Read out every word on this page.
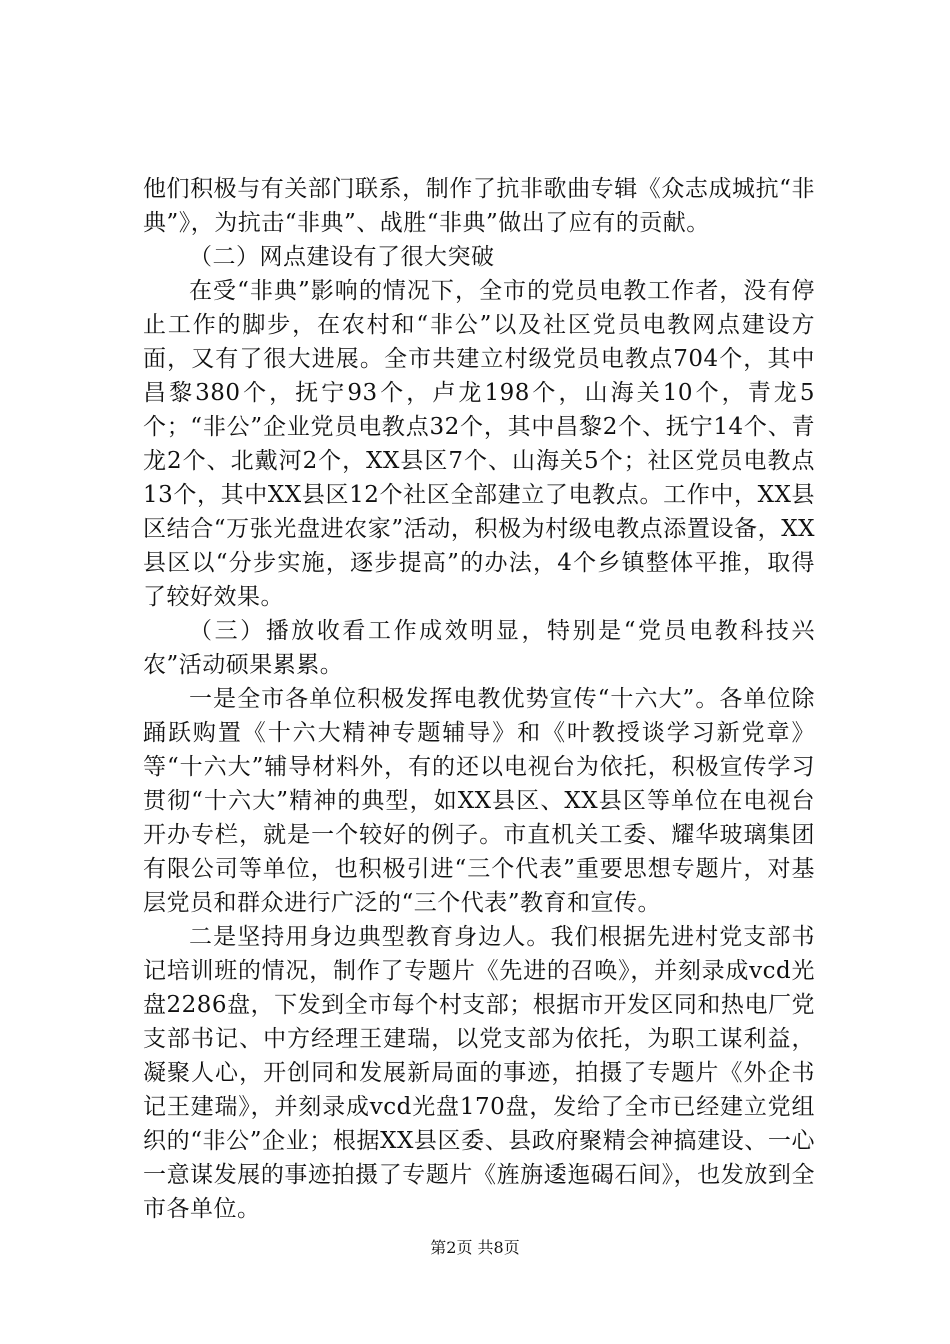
他们积极与有关部门联系，制作了抗非歌曲专辑《众志成城抗“非典”》，为抗击“非典”、战胜“非典”做出了应有的贡献。

（二）网点建设有了很大突破

在受“非典”影响的情况下，全市的党员电教工作者，没有停止工作的脚步，在农村和“非公”以及社区党员电教网点建设方面，又有了很大进展。全市共建立村级党员电教点704个，其中昌黎380个，抚宁93个，卢龙198个，山海关10个，青龙5个；“非公”企业党员电教点32个，其中昌黎2个、抚宁14个、青龙2个、北戴河2个，XX县区7个、山海关5个；社区党员电教点13个，其中XX县区12个社区全部建立了电教点。工作中，XX县区结合“万张光盘进农家”活动，积极为村级电教点添置设备，XX县区以“分步实施，逐步提高”的办法，4个乡镇整体平推，取得了较好效果。

（三）播放收看工作成效明显，特别是“党员电教科技兴农”活动硕果累累。

一是全市各单位积极发挥电教优势宣传“十六大”。各单位除踊跃购置《十六大精神专题辅导》和《叶教授谈学习新党章》等“十六大”辅导材料外，有的还以电视台为依托，积极宣传学习贯彻“十六大”精神的典型，如XX县区、XX县区等单位在电视台开办专栏，就是一个较好的例子。市直机关工委、耀华玻璃集团有限公司等单位，也积极引进“三个代表”重要思想专题片，对基层党员和群众进行广泛的“三个代表”教育和宣传。

二是坚持用身边典型教育身边人。我们根据先进村党支部书记培训班的情况，制作了专题片《先进的召唤》，并刻录成vcd光盘2286盘，下发到全市每个村支部；根据市开发区同和热电厂党支部书记、中方经理王建瑞，以党支部为依托，为职工谋利益，凝聚人心，开创同和发展新局面的事迹，拍摄了专题片《外企书记王建瑞》，并刻录成vcd光盘170盘，发给了全市已经建立党组织的“非公”企业；根据XX县区委、县政府聚精会神搞建设、一心一意谋发展的事迹拍摄了专题片《旌旃逶迤碣石间》，也发放到全市各单位。

第2页 共8页
